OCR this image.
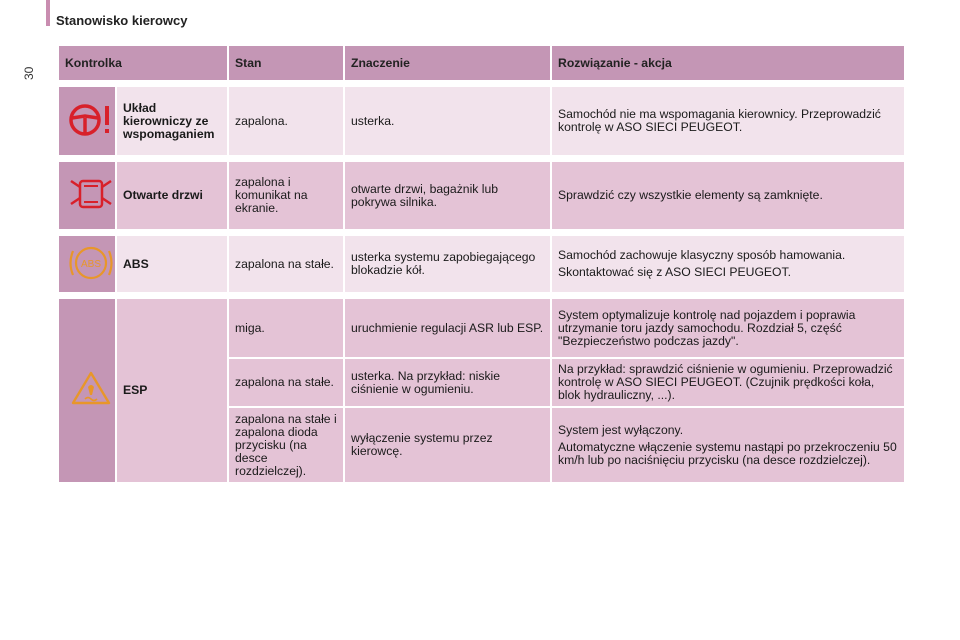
30
Stanowisko kierowcy
Kontrolka		Stan	Znaczenie	Rozwiązanie - akcja

	Układ kierowniczy ze wspomaganiem	zapalona.	usterka.	Samochód nie ma wspomagania kierownicy. Przeprowadzić kontrolę w ASO SIECI PEUGEOT.

	Otwarte drzwi	zapalona i komunikat na ekranie.	otwarte drzwi, bagażnik lub pokrywa silnika.	Sprawdzić czy wszystkie elementy są zamknięte.

ABS	ABS	zapalona na stałe.	usterka systemu zapobiegającego blokadzie kół.	Samochód zachowuje klasyczny sposób hamowania.

Skontaktować się z ASO SIECI PEUGEOT.

	ESP	miga.	uruchmienie regulacji ASR lub ESP.	System optymalizuje kontrolę nad pojazdem i poprawia utrzymanie toru jazdy samochodu. Rozdział 5, część "Bezpieczeństwo podczas jazdy".

		zapalona na stałe.	usterka. Na przykład: niskie ciśnienie w ogumieniu.	Na przykład: sprawdzić ciśnienie w ogumieniu. Przeprowadzić kontrolę w ASO SIECI PEUGEOT. (Czujnik prędkości koła, blok hydrauliczny, ...).

		zapalona na stałe i zapalona dioda przycisku (na desce rozdzielczej).	wyłączenie systemu przez kierowcę.	System jest wyłączony.

Automatyczne włączenie systemu nastąpi po przekroczeniu 50 km/h lub po naciśnięciu przycisku (na desce rozdzielczej).
